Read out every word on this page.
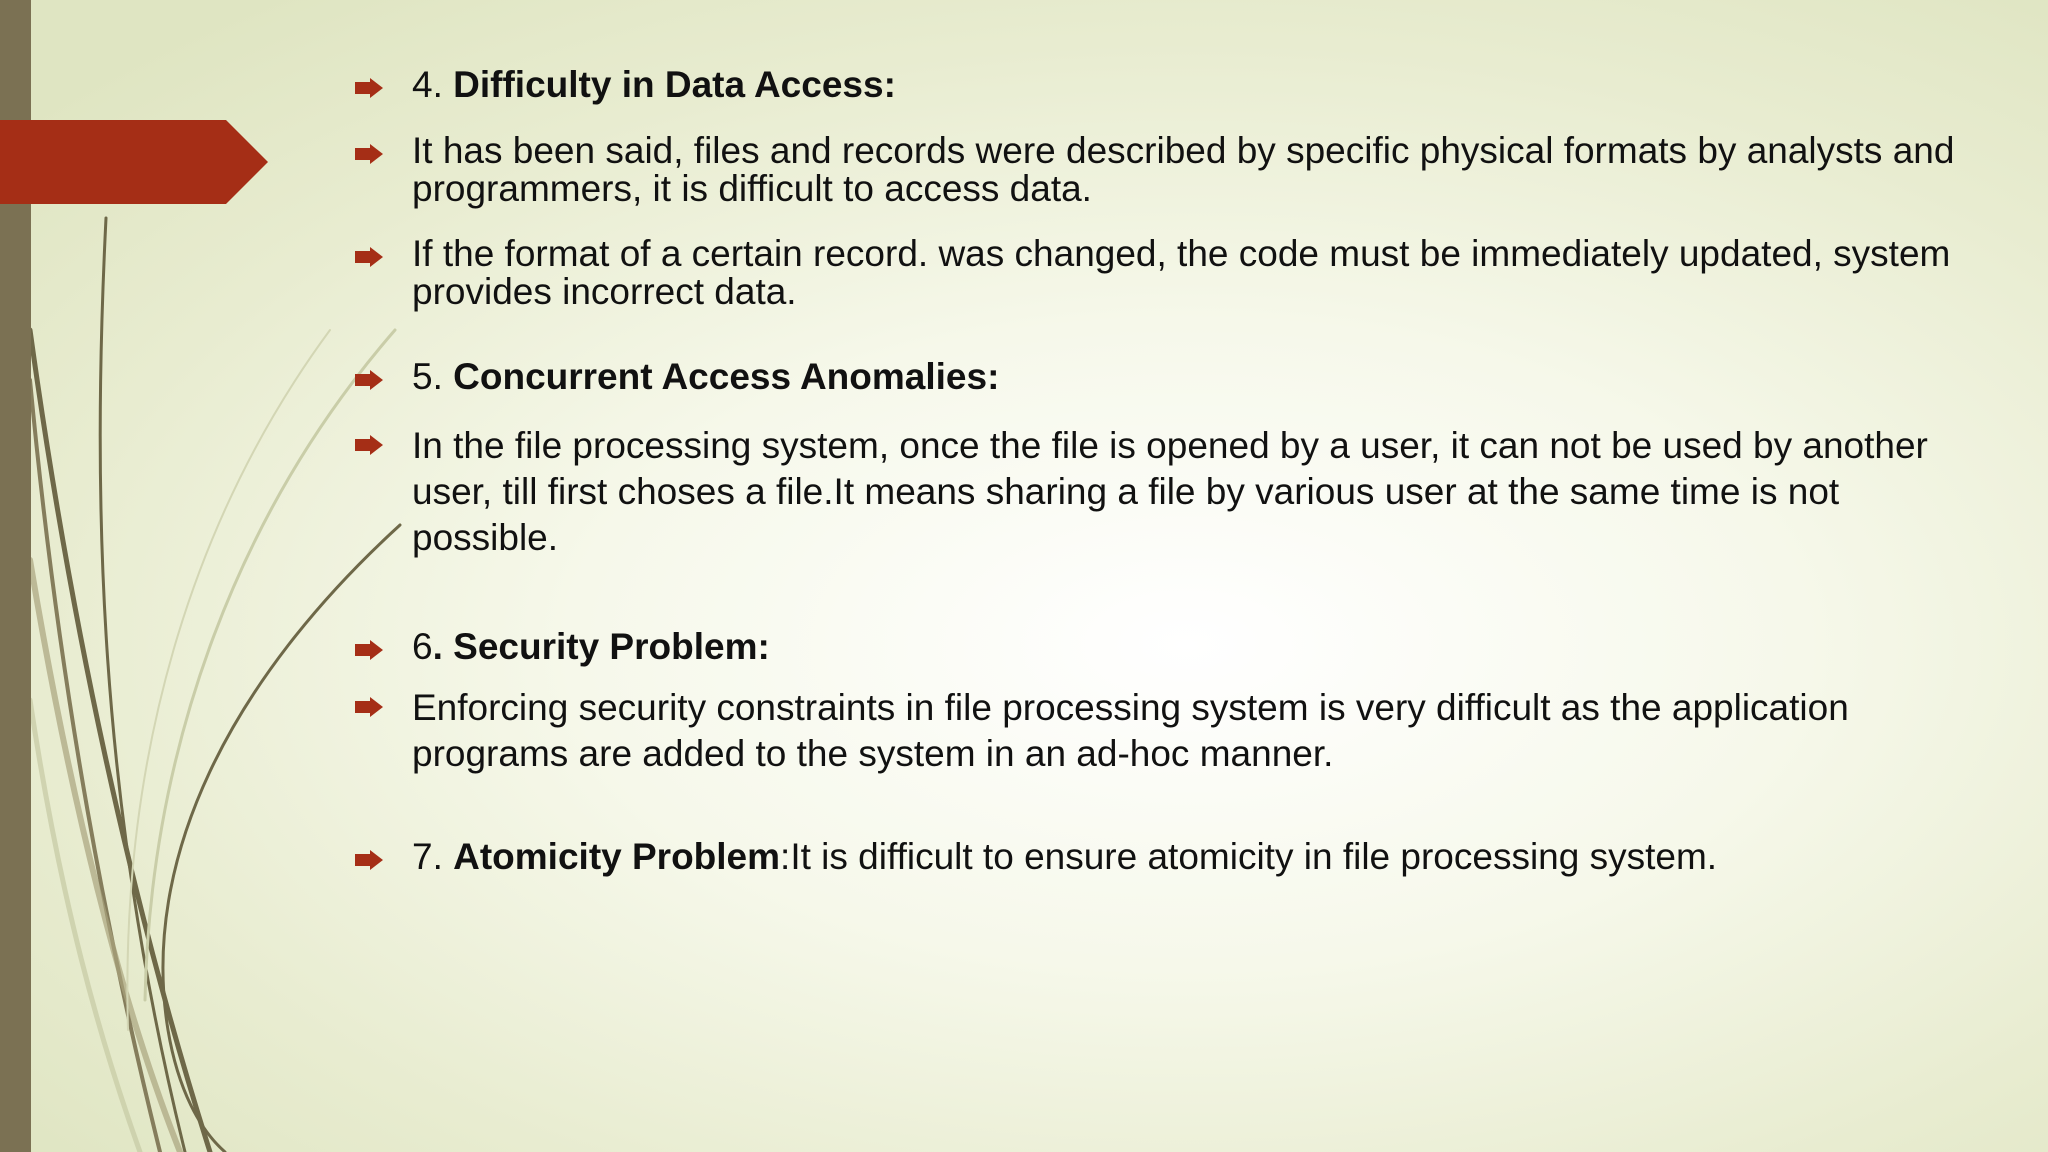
4. Difficulty in Data Access:
It has been said, files and records were described by specific physical formats by analysts and programmers, it is difficult to access data.
If the format of a certain record. was changed, the code must be immediately updated, system provides incorrect data.
5. Concurrent Access Anomalies:
In the file processing system, once the file is opened by a user, it can not be used by another user, till first choses a file.It means sharing a file by various user at the same time is not possible.
6. Security Problem:
Enforcing security constraints in file processing system is very difficult as the application programs are added to the system in an ad-hoc manner.
7. Atomicity Problem:It is difficult to ensure atomicity in file processing system.
